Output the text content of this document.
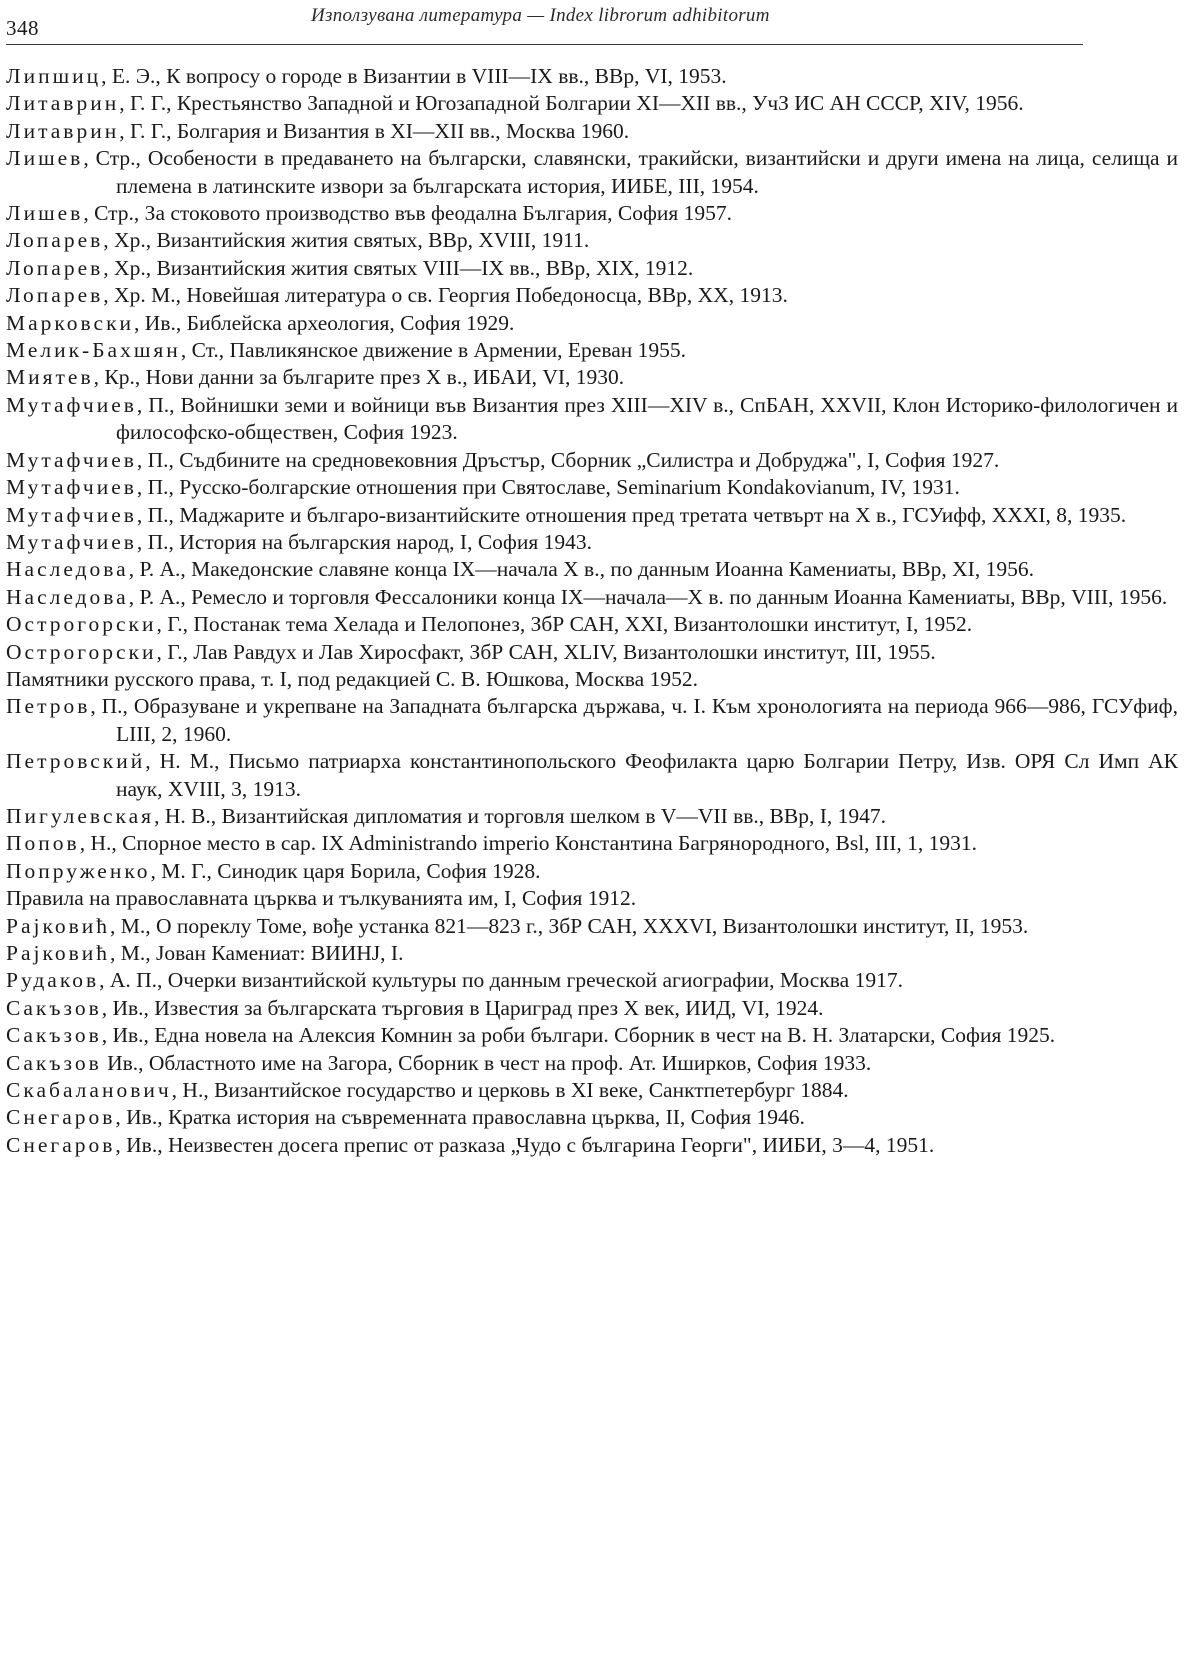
348
Използувана литература — Index librorum adhibitorum

Липшиц, Е. Э., К вопросу о городе в Византии в VIII—IX вв., ВВр, VI, 1953.

Литаврин, Г. Г., Крестьянство Западной и Югозападной Болгарии XI—XII вв., УчЗ ИС АН СССР, XIV, 1956.

Литаврин, Г. Г., Болгария и Византия в XI—XII вв., Москва 1960.

Лишев, Стр., Особености в предаването на български, славянски, тракийски, византийски и други имена на лица, селища и племена в латинските извори за българската история, ИИБЕ, III, 1954.

Лишев, Стр., За стоковото производство във феодална България, София 1957.

Лопарев, Хр., Византийския жития святых, ВВр, XVIII, 1911.

Лопарев, Хр., Византийския жития святых VIII—IX вв., ВВр, XIX, 1912.

Лопарев, Хр. М., Новейшая литература о св. Георгия Победоносца, ВВр, XX, 1913.

Марковски, Ив., Библейска археология, София 1929.

Мелик-Бахшян, Ст., Павликянское движение в Армении, Ереван 1955.

Миятев, Кр., Нови данни за българите през X в., ИБАИ, VI, 1930.

Мутафчиев, П., Войнишки земи и войници във Византия през XIII—XIV в., СпБАН, XXVII, Клон Историко-филологичен и философско-обществен, София 1923.

Мутафчиев, П., Съдбините на средновековния Дръстър, Сборник „Силистра и Добруджа", I, София 1927.

Мутафчиев, П., Русско-болгарские отношения при Святославе, Seminarium Kondakovianum, IV, 1931.

Мутафчиев, П., Маджарите и българо-византийските отношения пред третата четвърт на X в., ГСУифф, XXXI, 8, 1935.

Мутафчиев, П., История на българския народ, I, София 1943.

Наследова, Р. А., Македонские славяне конца IX—начала X в., по данным Иоанна Камениаты, ВВр, XI, 1956.

Наследова, Р. А., Ремесло и торговля Фессалоники конца IX—начала—X в. по данным Иоанна Камениаты, ВВр, VIII, 1956.

Острогорски, Г., Постанак тема Хелада и Пелопонез, ЗбР САН, XXI, Византолошки институт, I, 1952.

Острогорски, Г., Лав Равдух и Лав Хиросфакт, ЗбР САН, XLIV, Византолошки институт, III, 1955.

Памятники русского права, т. I, под редакцией С. В. Юшкова, Москва 1952.

Петров, П., Образуване и укрепване на Западната българска държава, ч. I. Към хронологията на периода 966—986, ГСУфиф, LIII, 2, 1960.

Петровский, Н. М., Письмо патриарха константинопольского Феофилакта царю Болгарии Петру, Изв. ОРЯ Сл Имп АК наук, XVIII, 3, 1913.

Пигулевская, Н. В., Византийская дипломатия и торговля шелком в V—VII вв., ВВр, I, 1947.

Попов, Н., Спорное место в cap. IX Administrando imperio Константина Багрянородного, Bsl, III, 1, 1931.

Попруженко, М. Г., Синодик царя Борила, София 1928.

Правила на православната църква и тълкуванията им, I, София 1912.

Рајковић, М., О пореклу Томе, вође устанка 821—823 г., ЗбР САН, XXXVI, Византолошки институт, II, 1953.

Рајковић, М., Јован Камениат: ВИИНЈ, I.

Рудаков, А. П., Очерки византийской культуры по данным греческой агиографии, Москва 1917.

Сакъзов, Ив., Известия за българската търговия в Цариград през X век, ИИД, VI, 1924.

Сакъзов, Ив., Една новела на Алексия Комнин за роби българи. Сборник в чест на В. Н. Златарски, София 1925.

Сакъзов Ив., Областното име на Загора, Сборник в чест на проф. Ат. Иширков, София 1933.

Скабаланович, Н., Византийское государство и церковь в XI веке, Санктпетербург 1884.

Снегаров, Ив., Кратка история на съвременната православна църква, II, София 1946.

Снегаров, Ив., Неизвестен досега препис от разказа „Чудо с българина Георги", ИИБИ, 3—4, 1951.
